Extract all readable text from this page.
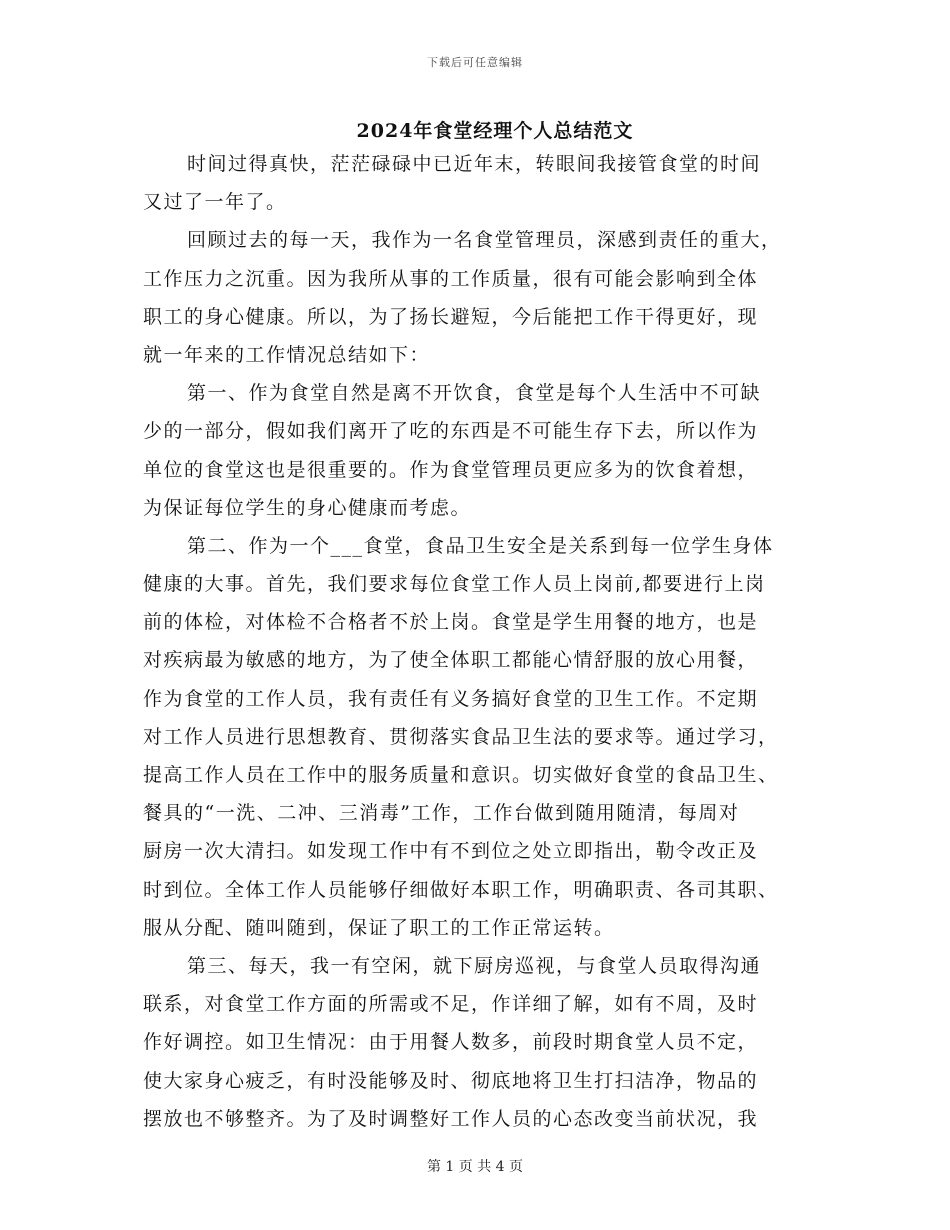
下载后可任意编辑
2024年食堂经理个人总结范文
时间过得真快，茫茫碌碌中已近年末，转眼间我接管食堂的时间
又过了一年了。
回顾过去的每一天，我作为一名食堂管理员，深感到责任的重大，
工作压力之沉重。因为我所从事的工作质量，很有可能会影响到全体
职工的身心健康。所以，为了扬长避短，今后能把工作干得更好，现
就一年来的工作情况总结如下：
第一、作为食堂自然是离不开饮食，食堂是每个人生活中不可缺
少的一部分，假如我们离开了吃的东西是不可能生存下去，所以作为
单位的食堂这也是很重要的。作为食堂管理员更应多为的饮食着想，
为保证每位学生的身心健康而考虑。
第二、作为一个___食堂，食品卫生安全是关系到每一位学生身体
健康的大事。首先，我们要求每位食堂工作人员上岗前,都要进行上岗
前的体检，对体检不合格者不於上岗。食堂是学生用餐的地方，也是
对疾病最为敏感的地方，为了使全体职工都能心情舒服的放心用餐，
作为食堂的工作人员，我有责任有义务搞好食堂的卫生工作。不定期
对工作人员进行思想教育、贯彻落实食品卫生法的要求等。通过学习，
提高工作人员在工作中的服务质量和意识。切实做好食堂的食品卫生、
餐具的“一洗、二冲、三消毒”工作，工作台做到随用随清，每周对
厨房一次大清扫。如发现工作中有不到位之处立即指出，勒令改正及
时到位。全体工作人员能够仔细做好本职工作，明确职责、各司其职、
服从分配、随叫随到，保证了职工的工作正常运转。
第三、每天，我一有空闲，就下厨房巡视，与食堂人员取得沟通
联系，对食堂工作方面的所需或不足，作详细了解，如有不周，及时
作好调控。如卫生情况：由于用餐人数多，前段时期食堂人员不定，
使大家身心疲乏，有时没能够及时、彻底地将卫生打扫洁净，物品的
摆放也不够整齐。为了及时调整好工作人员的心态改变当前状况，我
第 1 页 共 4 页
